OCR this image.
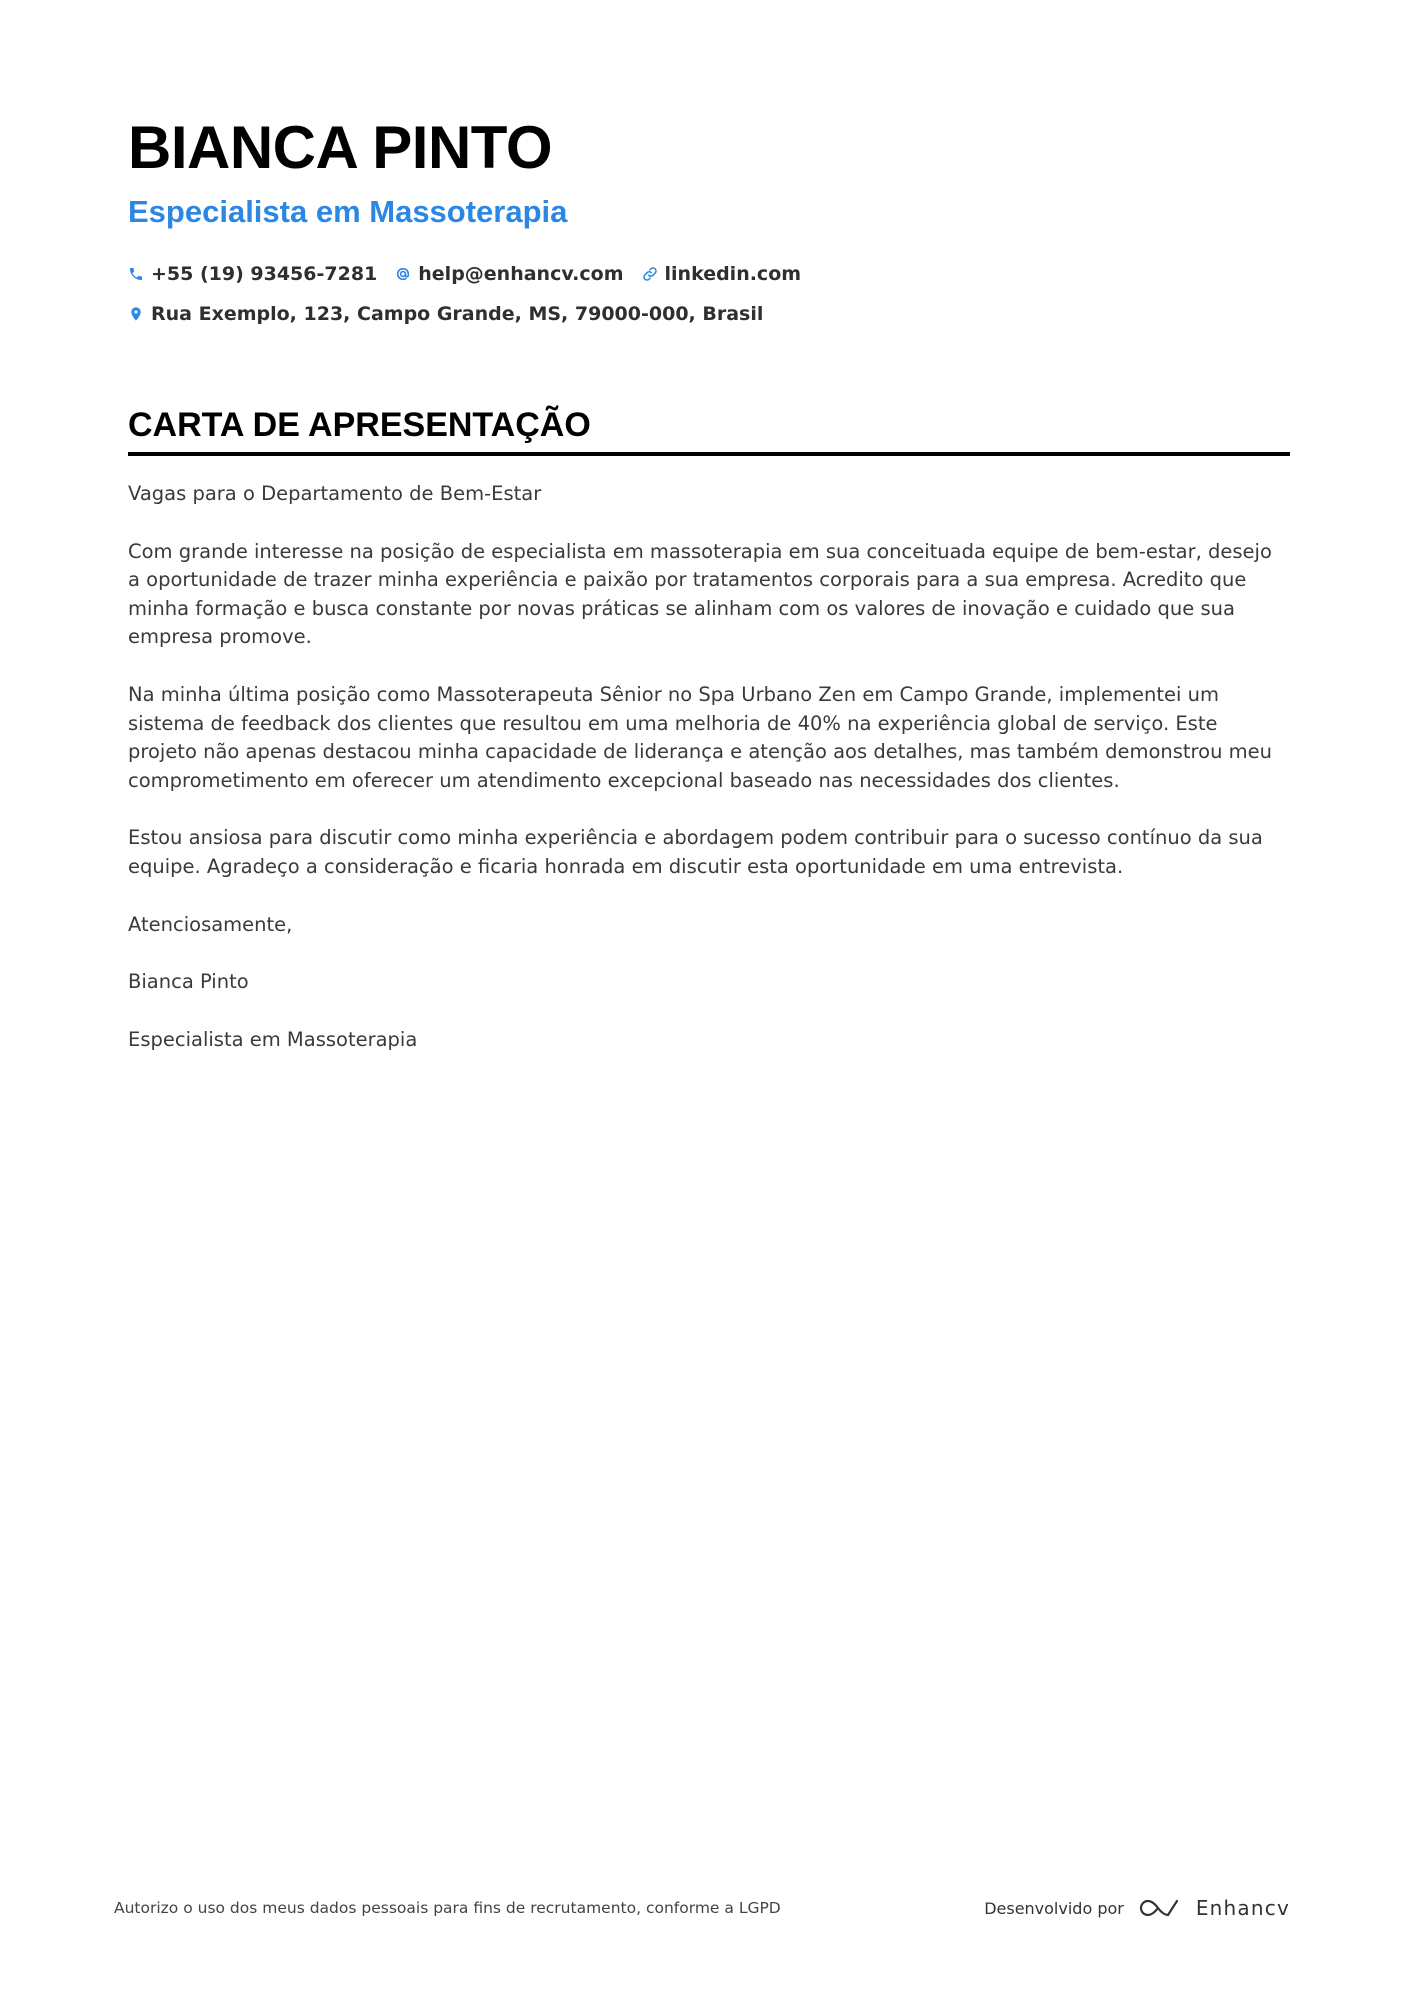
BIANCA PINTO
Especialista em Massoterapia
+55 (19) 93456-7281 help@enhancv.com linkedin.com
Rua Exemplo, 123, Campo Grande, MS, 79000-000, Brasil
CARTA DE APRESENTAÇÃO

Vagas para o Departamento de Bem-Estar

Com grande interesse na posição de especialista em massoterapia em sua conceituada equipe de bem-estar, desejo a oportunidade de trazer minha experiência e paixão por tratamentos corporais para a sua empresa. Acredito que minha formação e busca constante por novas práticas se alinham com os valores de inovação e cuidado que sua empresa promove.

Na minha última posição como Massoterapeuta Sênior no Spa Urbano Zen em Campo Grande, implementei um sistema de feedback dos clientes que resultou em uma melhoria de 40% na experiência global de serviço. Este projeto não apenas destacou minha capacidade de liderança e atenção aos detalhes, mas também demonstrou meu comprometimento em oferecer um atendimento excepcional baseado nas necessidades dos clientes.

Estou ansiosa para discutir como minha experiência e abordagem podem contribuir para o sucesso contínuo da sua equipe. Agradeço a consideração e ficaria honrada em discutir esta oportunidade em uma entrevista.

Atenciosamente,

Bianca Pinto

Especialista em Massoterapia

Autorizo o uso dos meus dados pessoais para fins de recrutamento, conforme a LGPD	Desenvolvido por	Enhancv
